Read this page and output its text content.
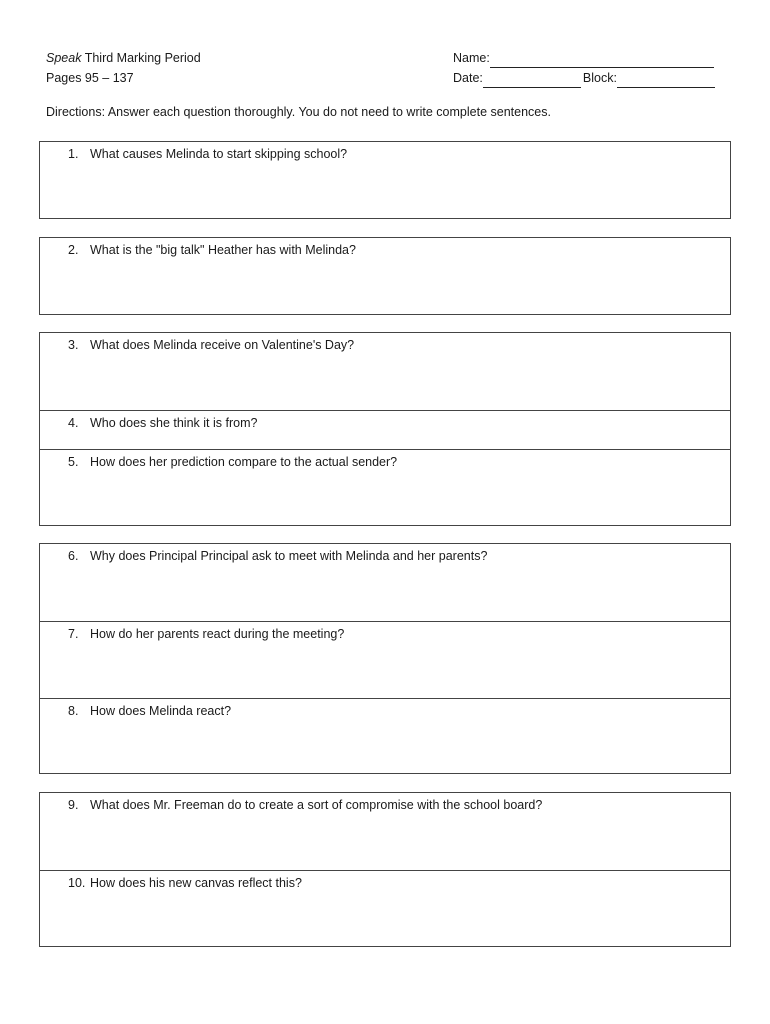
Speak Third Marking Period
Pages 95 – 137
Name:
Date:	Block:
Directions: Answer each question thoroughly. You do not need to write complete sentences.
1. What causes Melinda to start skipping school?
2. What is the "big talk" Heather has with Melinda?
3. What does Melinda receive on Valentine's Day?
4. Who does she think it is from?
5. How does her prediction compare to the actual sender?
6. Why does Principal Principal ask to meet with Melinda and her parents?
7. How do her parents react during the meeting?
8. How does Melinda react?
9. What does Mr. Freeman do to create a sort of compromise with the school board?
10. How does his new canvas reflect this?
